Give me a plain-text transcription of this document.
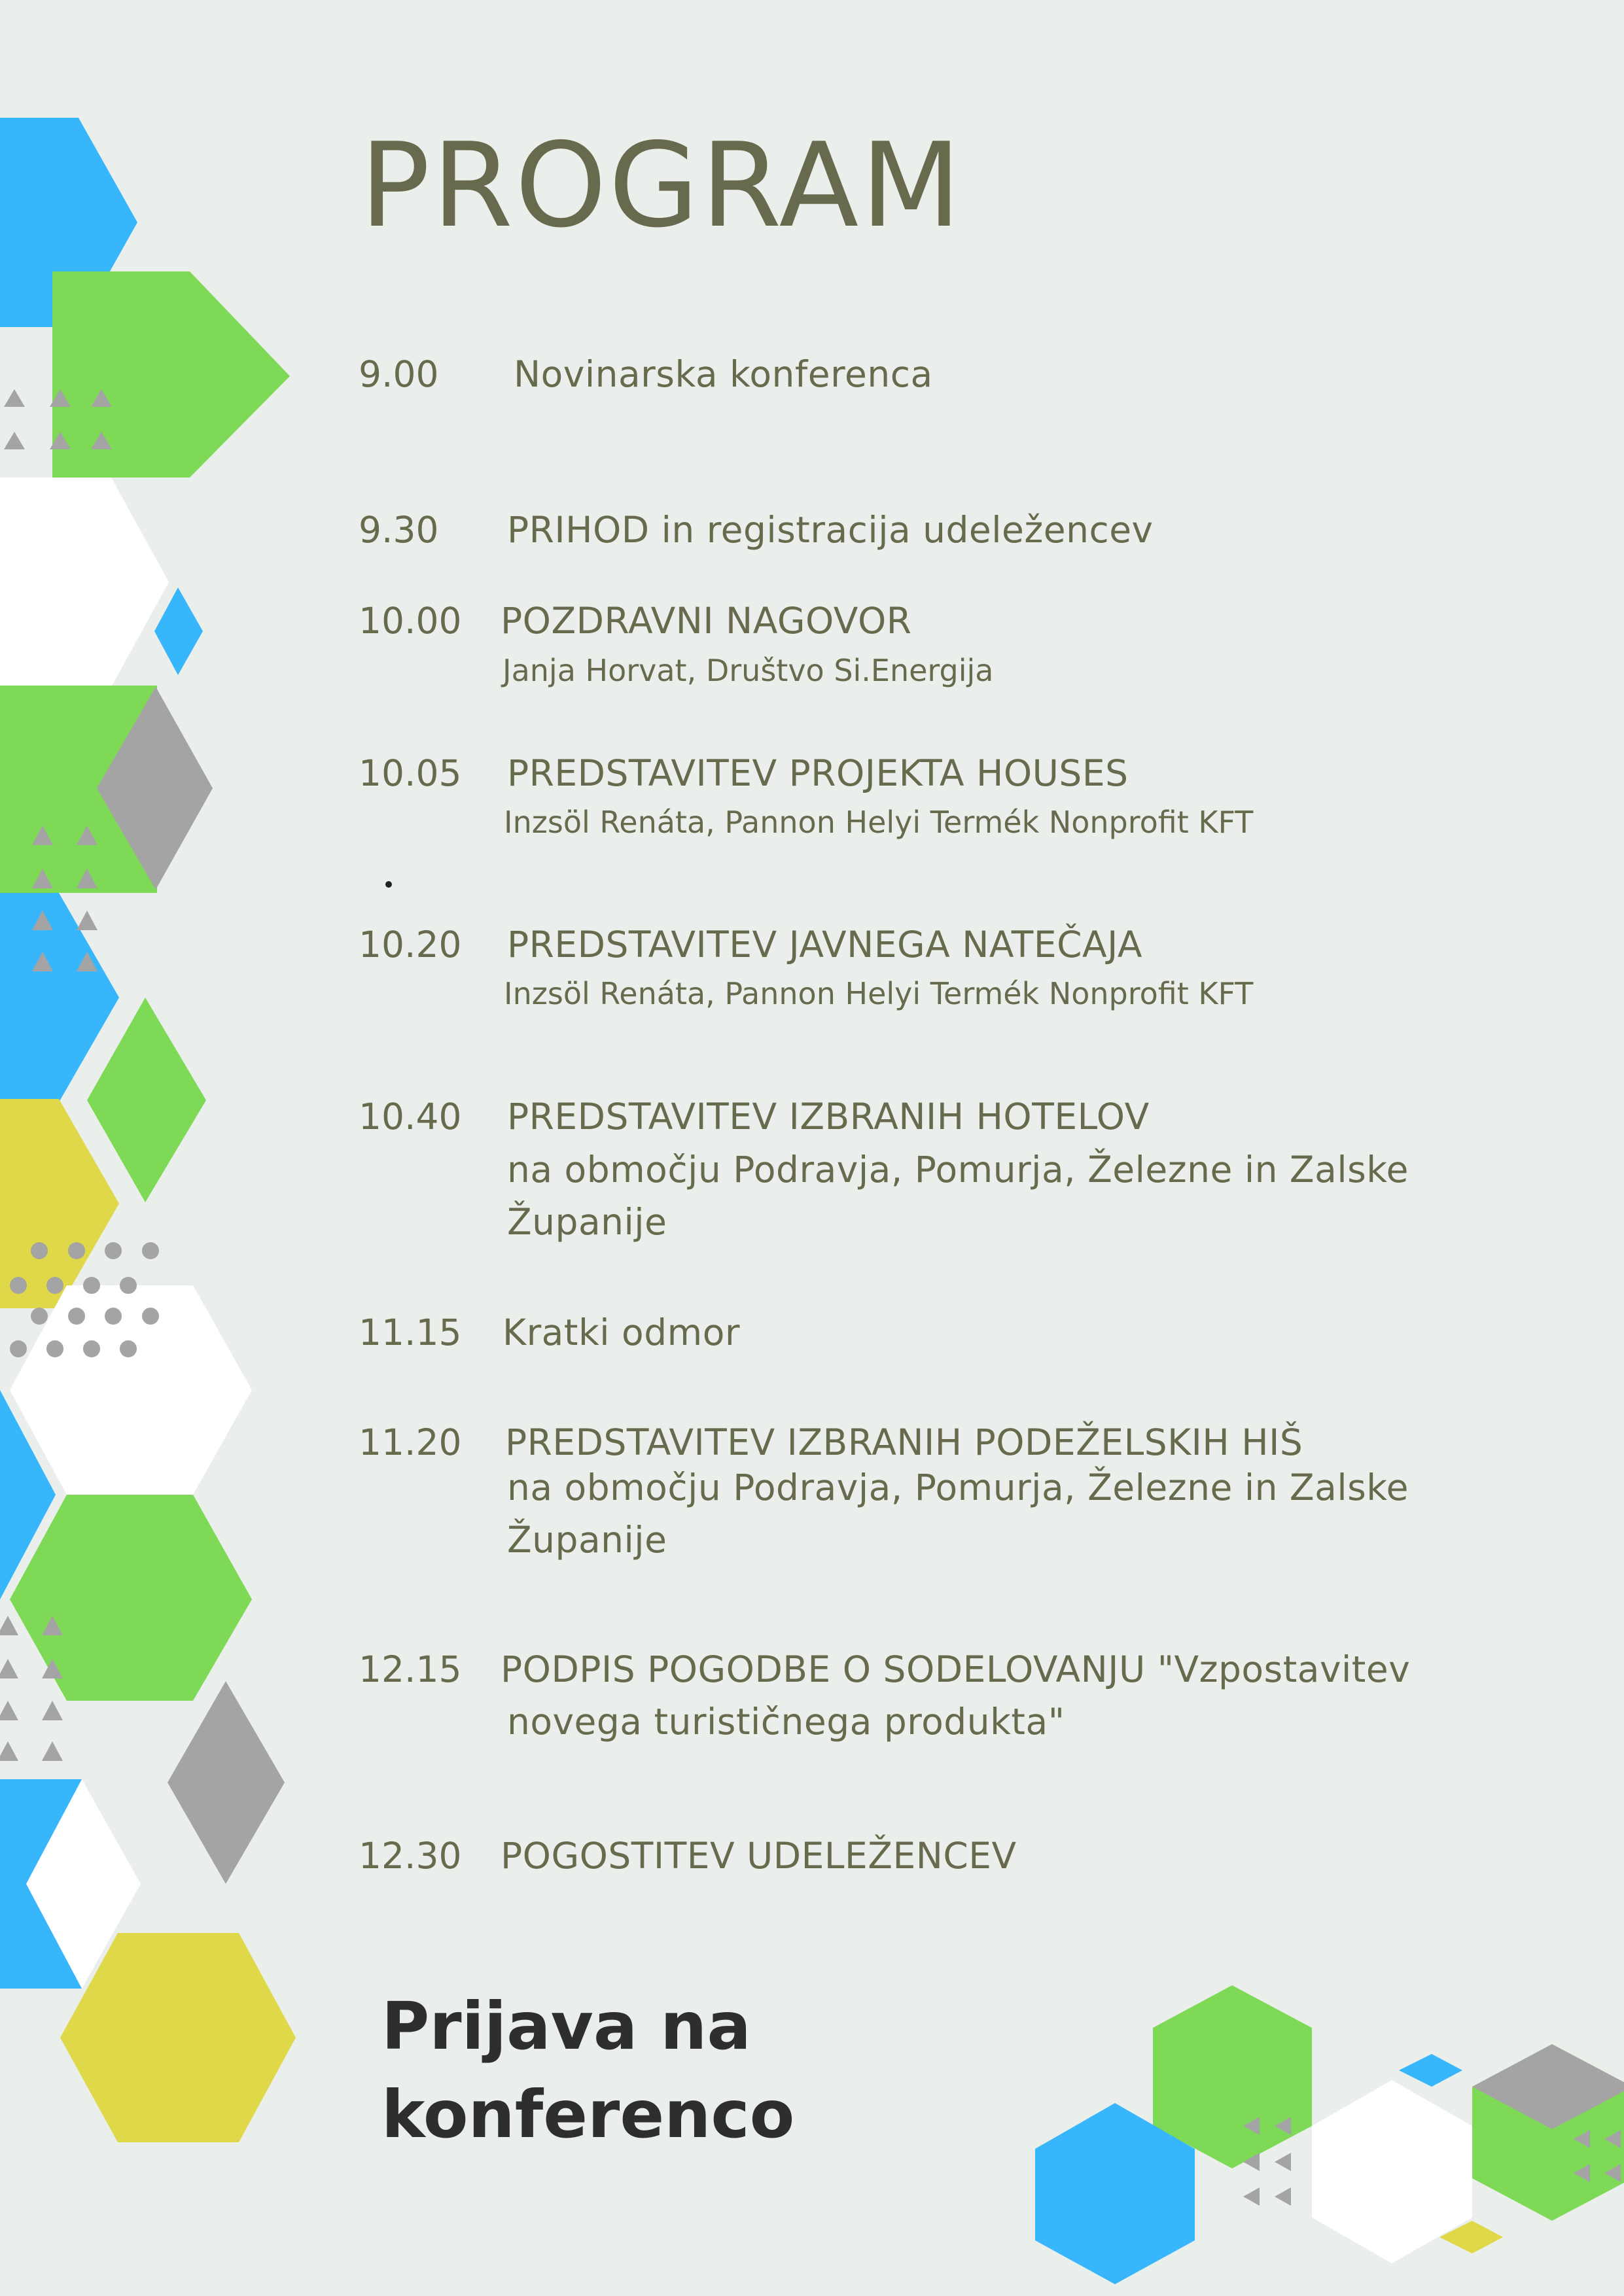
PROGRAM
9.00 Novinarska konferenca
9.30 PRIHOD in registracija udeležencev
10.00 POZDRAVNI NAGOVOR
Janja Horvat, Društvo Si.Energija
10.05 PREDSTAVITEV PROJEKTA HOUSES
Inzsöl Renáta, Pannon Helyi Termék Nonprofit KFT
10.20 PREDSTAVITEV JAVNEGA NATEČAJA
Inzsöl Renáta, Pannon Helyi Termék Nonprofit KFT
10.40 PREDSTAVITEV IZBRANIH HOTELOV
na območju Podravja, Pomurja, Železne in Zalske
Županije
11.15 Kratki odmor
11.20 PREDSTAVITEV IZBRANIH PODEŽELSKIH HIŠ
na območju Podravja, Pomurja, Železne in Zalske
Županije
12.15 PODPIS POGODBE O SODELOVANJU "Vzpostavitev
novega turističnega produkta"
12.30 POGOSTITEV UDELEŽENCEV
Prijava na
konferenco
